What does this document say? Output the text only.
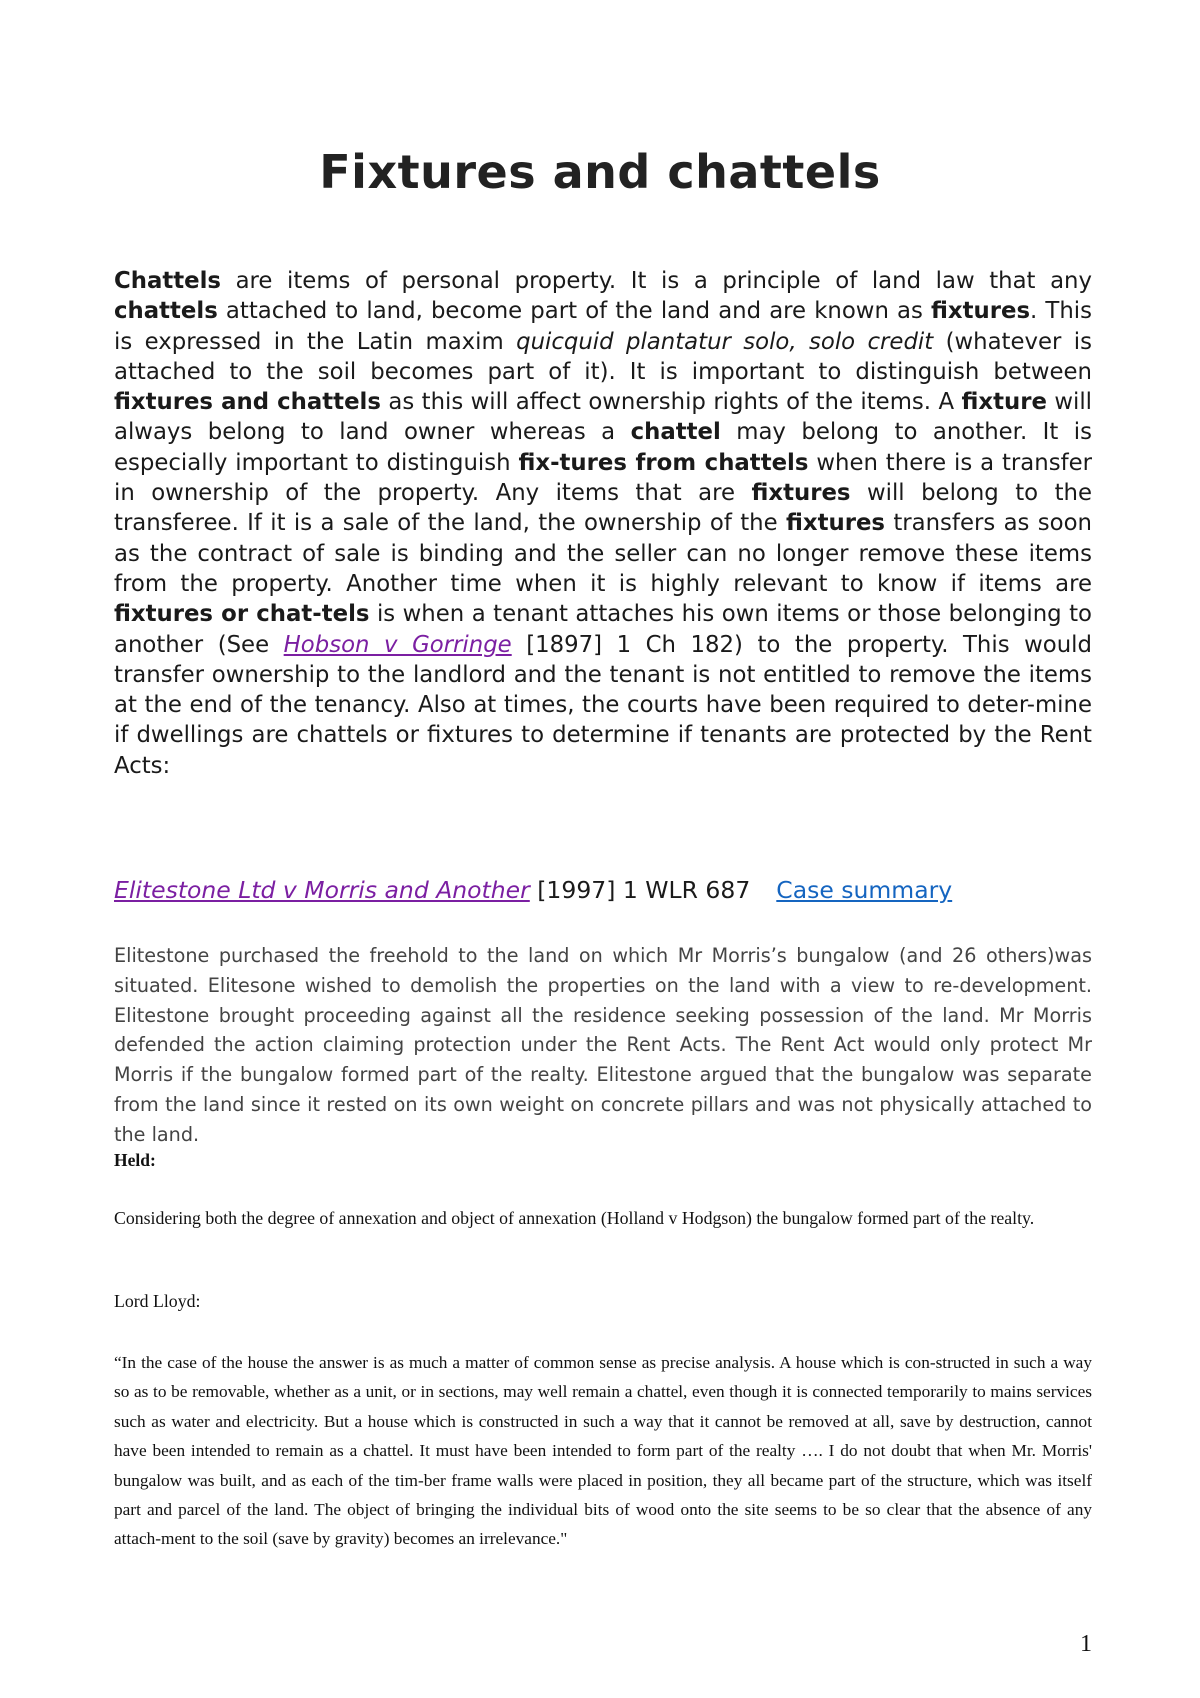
Fixtures and chattels

Chattels are items of personal property. It is a principle of land law that any chattels attached to land, become part of the land and are known as fixtures. This is expressed in the Latin maxim quicquid plantatur solo, solo credit (whatever is attached to the soil becomes part of it). It is important to distinguish between fixtures and chattels as this will affect ownership rights of the items. A fixture will always belong to land owner whereas a chattel may belong to another. It is especially important to distinguish fix-tures from chattels when there is a transfer in ownership of the property. Any items that are fixtures will belong to the transferee. If it is a sale of the land, the ownership of the fixtures transfers as soon as the contract of sale is binding and the seller can no longer remove these items from the property. Another time when it is highly relevant to know if items are fixtures or chat-tels is when a tenant attaches his own items or those belonging to another (See Hobson v Gorringe [1897] 1 Ch 182) to the property. This would transfer ownership to the landlord and the tenant is not entitled to remove the items at the end of the tenancy. Also at times, the courts have been required to deter-mine if dwellings are chattels or fixtures to determine if tenants are protected by the Rent Acts:

Elitestone Ltd v Morris and Another [1997] 1 WLR 687 Case summary

Elitestone purchased the freehold to the land on which Mr Morris’s bungalow (and 26 others)was situated. Elitesone wished to demolish the properties on the land with a view to re-development. Elitestone brought proceeding against all the residence seeking possession of the land. Mr Morris defended the action claiming protection under the Rent Acts. The Rent Act would only protect Mr Morris if the bungalow formed part of the realty. Elitestone argued that the bungalow was separate from the land since it rested on its own weight on concrete pillars and was not physically attached to the land.

Held:

Considering both the degree of annexation and object of annexation (Holland v Hodgson) the bungalow formed part of the realty.

Lord Lloyd:

“In the case of the house the answer is as much a matter of common sense as precise analysis. A house which is con-structed in such a way so as to be removable, whether as a unit, or in sections, may well remain a chattel, even though it is connected temporarily to mains services such as water and electricity. But a house which is constructed in such a way that it cannot be removed at all, save by destruction, cannot have been intended to remain as a chattel. It must have been intended to form part of the realty …. I do not doubt that when Mr. Morris' bungalow was built, and as each of the tim-ber frame walls were placed in position, they all became part of the structure, which was itself part and parcel of the land. The object of bringing the individual bits of wood onto the site seems to be so clear that the absence of any attach-ment to the soil (save by gravity) becomes an irrelevance."

1
